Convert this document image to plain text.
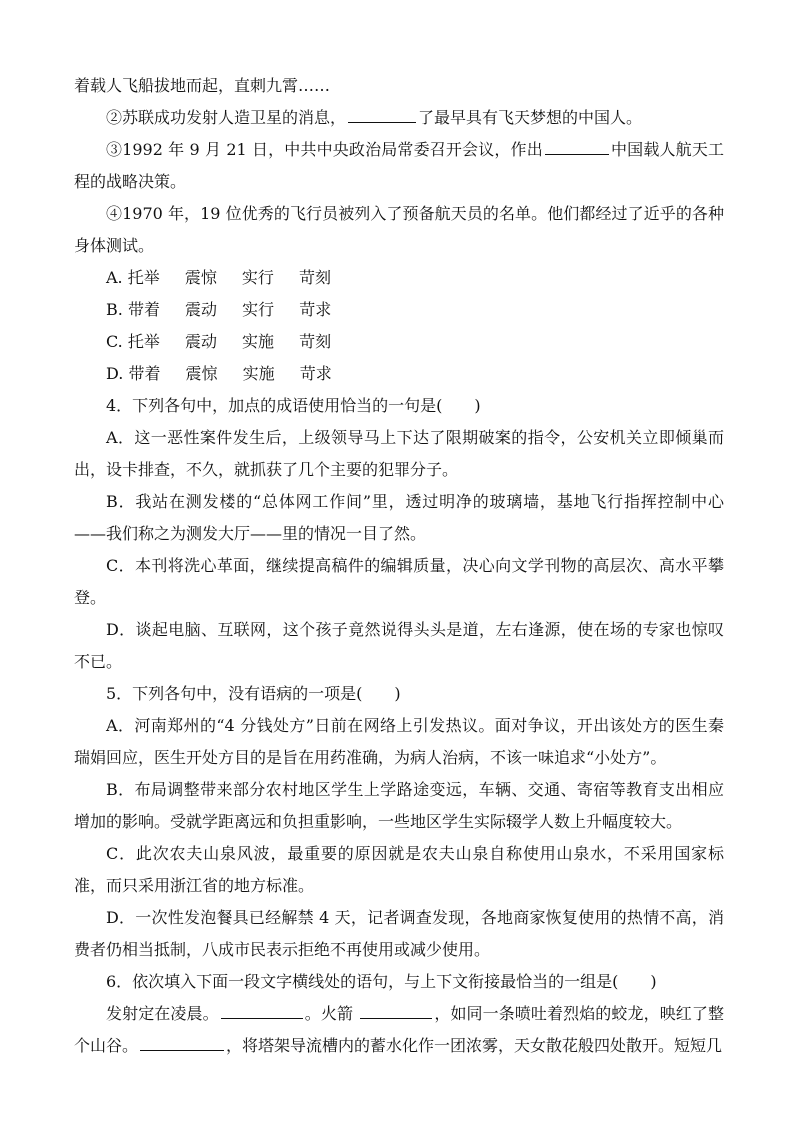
着载人飞船拔地而起，直刺九霄……

②苏联成功发射人造卫星的消息，	了最早具有飞天梦想的中国人。

③1992 年 9 月 21 日，中共中央政治局常委召开会议，作出	中国载人航天工程的战略决策。

④1970 年，19 位优秀的飞行员被列入了预备航天员的名单。他们都经过了近乎的各种身体测试。

A. 托举 震惊 实行 苛刻

B. 带着 震动 实行 苛求

C. 托举 震动 实施 苛刻

D. 带着 震惊 实施 苛求

4．下列各句中，加点的成语使用恰当的一句是(　　)

A．这一恶性案件发生后，上级领导马上下达了限期破案的指令，公安机关立即倾巢而出，设卡排查，不久，就抓获了几个主要的犯罪分子。

B．我站在测发楼的“总体网工作间”里，透过明净的玻璃墙，基地飞行指挥控制中心——我们称之为测发大厅——里的情况一目了然。

C．本刊将洗心革面，继续提高稿件的编辑质量，决心向文学刊物的高层次、高水平攀登。

D．谈起电脑、互联网，这个孩子竟然说得头头是道，左右逢源，使在场的专家也惊叹不已。

5．下列各句中，没有语病的一项是(　　)

A．河南郑州的“4 分钱处方”日前在网络上引发热议。面对争议，开出该处方的医生秦瑞娟回应，医生开处方目的是旨在用药准确，为病人治病，不该一味追求“小处方”。

B．布局调整带来部分农村地区学生上学路途变远，车辆、交通、寄宿等教育支出相应增加的影响。受就学距离远和负担重影响，一些地区学生实际辍学人数上升幅度较大。

C．此次农夫山泉风波，最重要的原因就是农夫山泉自称使用山泉水，不采用国家标准，而只采用浙江省的地方标准。

D．一次性发泡餐具已经解禁 4 天，记者调查发现，各地商家恢复使用的热情不高，消费者仍相当抵制，八成市民表示拒绝不再使用或减少使用。

6．依次填入下面一段文字横线处的语句，与上下文衔接最恰当的一组是(　　)

发射定在凌晨。	。火箭	，如同一条喷吐着烈焰的蛟龙，映红了整个山谷。	，将塔架导流槽内的蓄水化作一团浓雾，天女散花般四处散开。短短几
